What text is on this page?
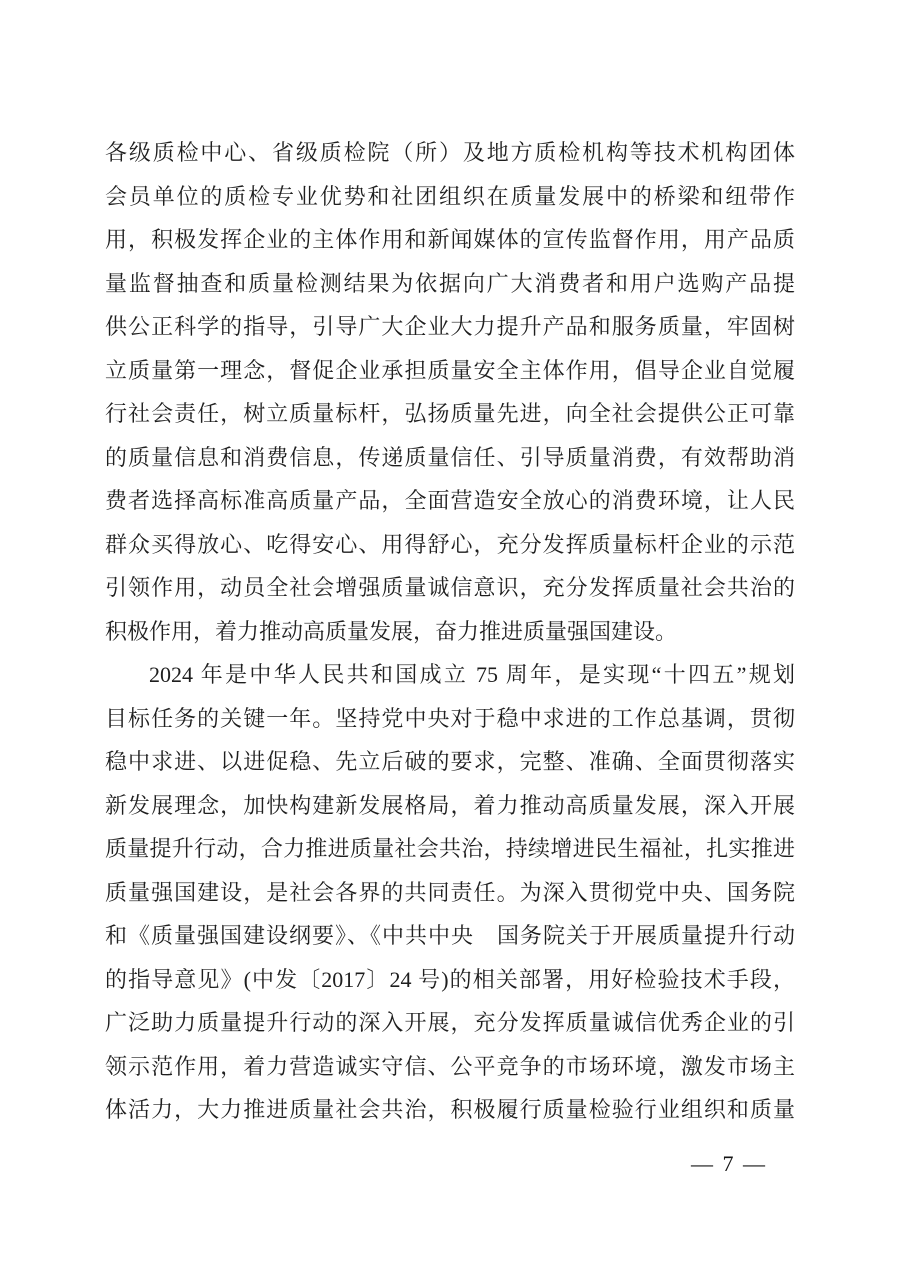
各级质检中心、省级质检院（所）及地方质检机构等技术机构团体
会员单位的质检专业优势和社团组织在质量发展中的桥梁和纽带作
用，积极发挥企业的主体作用和新闻媒体的宣传监督作用，用产品质
量监督抽查和质量检测结果为依据向广大消费者和用户选购产品提
供公正科学的指导，引导广大企业大力提升产品和服务质量，牢固树
立质量第一理念，督促企业承担质量安全主体作用，倡导企业自觉履
行社会责任，树立质量标杆，弘扬质量先进，向全社会提供公正可靠
的质量信息和消费信息，传递质量信任、引导质量消费，有效帮助消
费者选择高标准高质量产品，全面营造安全放心的消费环境，让人民
群众买得放心、吃得安心、用得舒心，充分发挥质量标杆企业的示范
引领作用，动员全社会增强质量诚信意识，充分发挥质量社会共治的
积极作用，着力推动高质量发展，奋力推进质量强国建设。
2024 年是中华人民共和国成立 75 周年，是实现“十四五”规划
目标任务的关键一年。坚持党中央对于稳中求进的工作总基调，贯彻
稳中求进、以进促稳、先立后破的要求，完整、准确、全面贯彻落实
新发展理念，加快构建新发展格局，着力推动高质量发展，深入开展
质量提升行动，合力推进质量社会共治，持续增进民生福祉，扎实推进
质量强国建设，是社会各界的共同责任。为深入贯彻党中央、国务院
和《质量强国建设纲要》、《中共中央　国务院关于开展质量提升行动
的指导意见》(中发〔2017〕24 号)的相关部署，用好检验技术手段，
广泛助力质量提升行动的深入开展，充分发挥质量诚信优秀企业的引
领示范作用，着力营造诚实守信、公平竞争的市场环境，激发市场主
体活力，大力推进质量社会共治，积极履行质量检验行业组织和质量
— 7 —
